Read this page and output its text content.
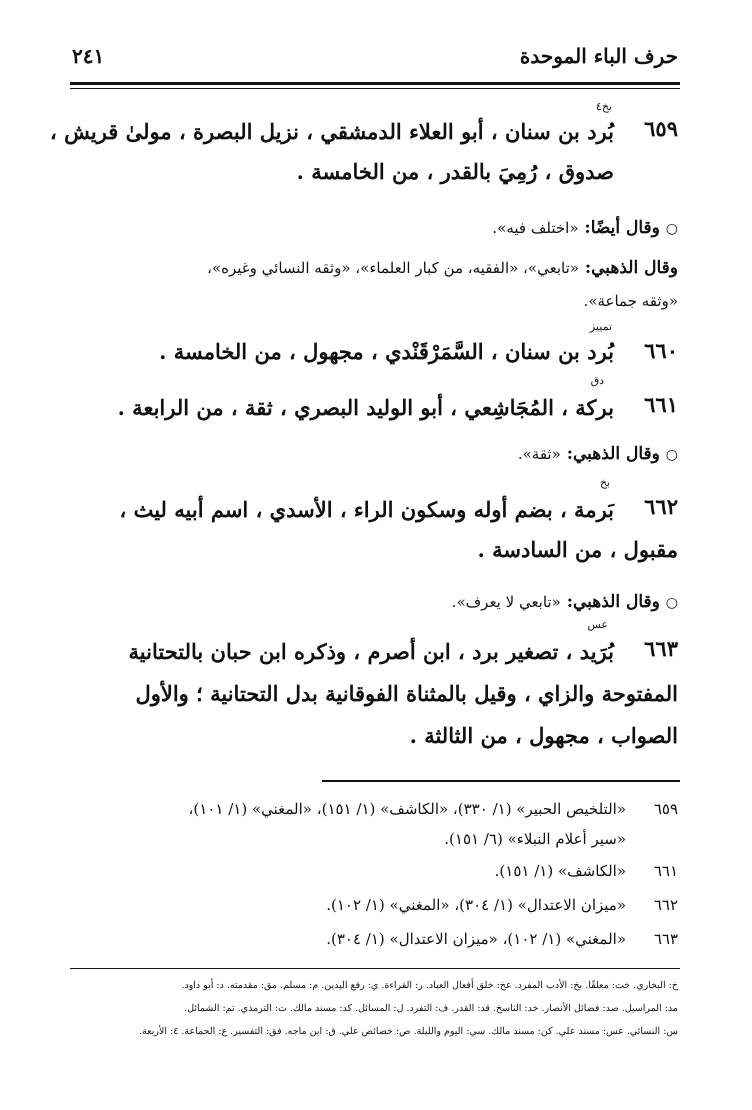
حرف الباء الموحدة
٢٤١
بخ٤
٦٥٩
بُرد بن سنان ، أبو العلاء الدمشقي ، نزيل البصرة ، مولىٰ قريش ،
صدوق ، رُمِيَ بالقدر ، من الخامسة .
○ وقال أيضًا: «اختلف فيه».
وقال الذهبي: «تابعي»، «الفقيه، من كبار العلماء»، «وثقه النسائي وغيره»،
«وثقه جماعة».
تمييز
٦٦٠
بُرد بن سنان ، السَّمَرْقَنْدي ، مجهول ، من الخامسة .
دق
٦٦١
بركة ، المُجَاشِعي ، أبو الوليد البصري ، ثقة ، من الرابعة .
○ وقال الذهبي: «ثقة».
بخ
٦٦٢
بَرمة ، بضم أوله وسكون الراء ، الأسدي ، اسم أبيه ليث ،
مقبول ، من السادسة .
○ وقال الذهبي: «تابعي لا يعرف».
عس
٦٦٣
بُرَيد ، تصغير برد ، ابن أصرم ، وذكره ابن حبان بالتحتانية
المفتوحة والزاي ، وقيل بالمثناة الفوقانية بدل التحتانية ؛ والأول
الصواب ، مجهول ، من الثالثة .
٦٥٩
«التلخيص الحبير» (١/ ٣٣٠)، «الكاشف» (١/ ١٥١)، «المغني» (١/ ١٠١)،
«سير أعلام النبلاء» (٦/ ١٥١).
٦٦١
«الكاشف» (١/ ١٥١).
٦٦٢
«ميزان الاعتدال» (١/ ٣٠٤)، «المغني» (١/ ١٠٢).
٦٦٣
«المغني» (١/ ١٠٢)، «ميزان الاعتدال» (١/ ٣٠٤).
خ: البخاري. خت: معلقًا. بخ: الأدب المفرد. عخ: خلق أفعال العباد. ر: القراءة. ي: رفع اليدين. م: مسلم. مق: مقدمته. د: أبو داود.
مد: المراسيل. صد: فضائل الأنصار. خد: الناسخ. قد: القدر. ف: التفرد. ل: المسائل. كد: مسند مالك. ت: الترمذي. تم: الشمائل.
س: النسائي. عس: مسند علي. كن: مسند مالك. سي: اليوم والليلة. ص: خصائص علي. ق: ابن ماجه. فق: التفسير. ع: الجماعة. ٤: الأربعة.
